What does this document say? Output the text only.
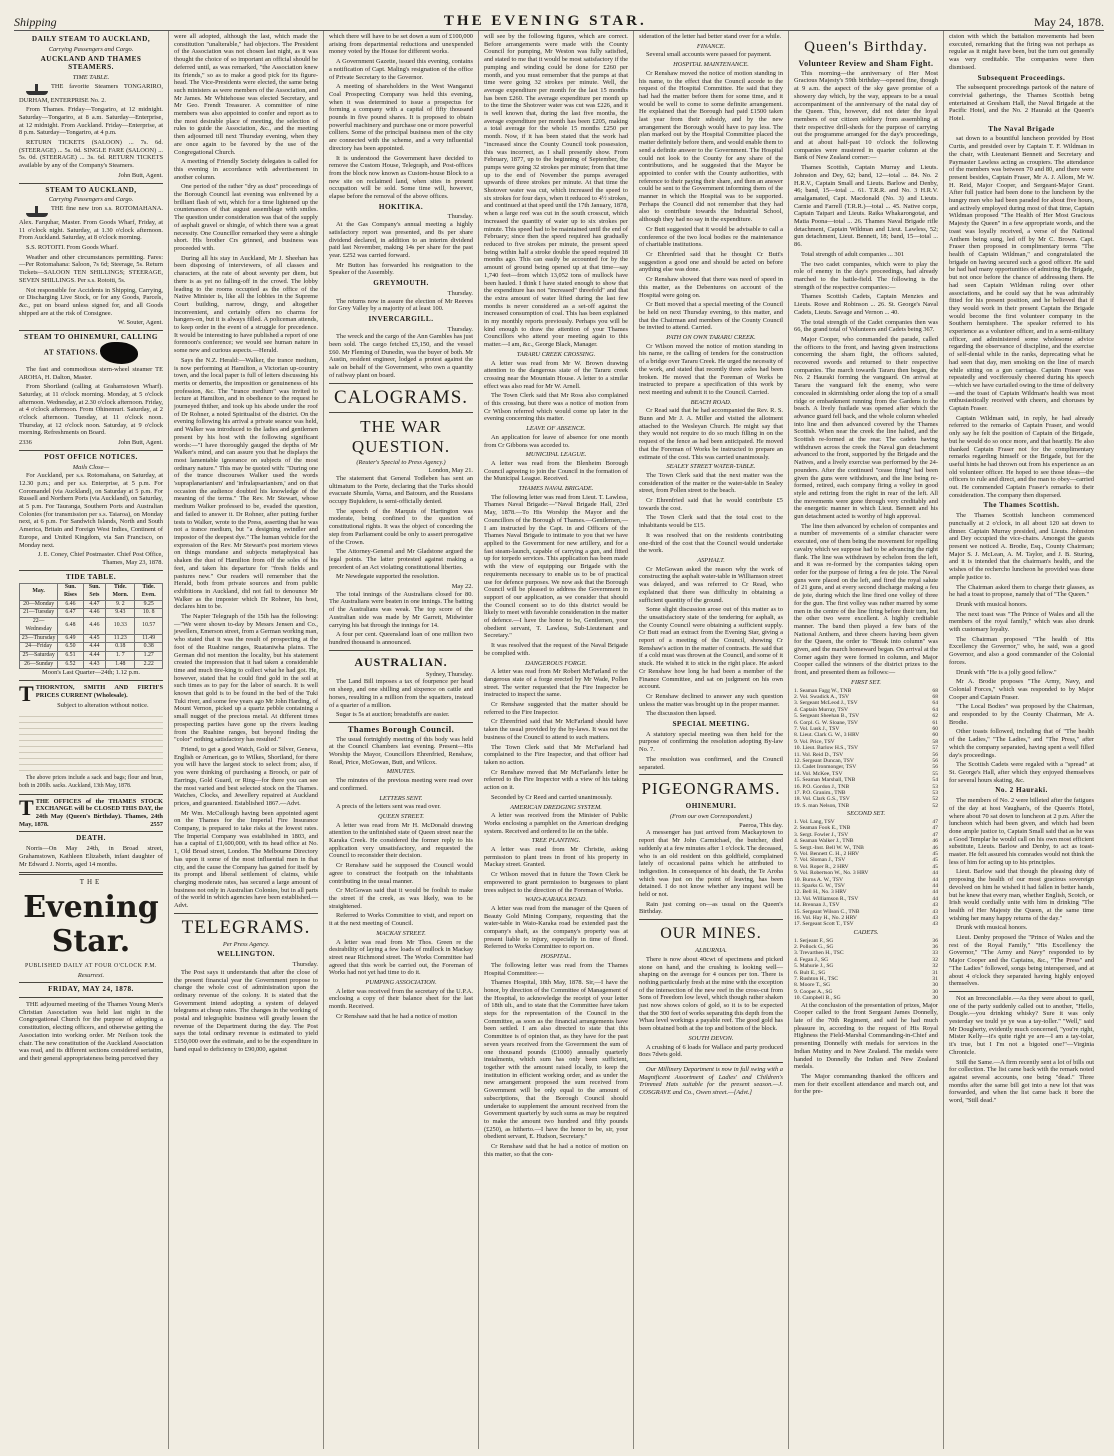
Shipping	THE EVENING STAR.	May 24, 1878.
DAILY STEAM TO AUCKLAND,
Carrying Passengers and Cargo.
AUCKLAND AND THAMES STEAMERS.
TIME TABLE.

THE favorite Steamers TONGARIRO, DURHAM, ENTERPRISE No. 2.

From Thames. Friday—Tongariro, at 12 midnight. Saturday—Tongariro, at 8 a.m. Saturday—Enterprise, at 12 midnight. From Auckland. Friday—Enterprise, at 8 p.m. Saturday—Tongariro, at 4 p.m.

RETURN TICKETS (SALOON) ... 7s. 6d. (STEERAGE) ... 5s. 0d. SINGLE FARE (SALOON) ... 5s. 0d. (STEERAGE) ... 3s. 6d. RETURN TICKETS available by any of the Company's Steamers.

John Butt, Agent.

STEAM TO AUCKLAND,
Carrying Passengers and Cargo.

THE fine new iron s.s. ROTOMAHANA. Alex. Farquhar, Master. From Goods Wharf, Friday, at 11 o'clock night. Saturday, at 1.30 o'clock afternoon. From Auckland. Saturday, at 8 o'clock morning.

S.S. ROTOITI. From Goods Wharf.

Weather and other circumstances permitting. Fares:—Per Rotomahana: Saloon, 7s 6d; Steerage, 5s. Return Tickets—SALOON TEN SHILLINGS; STEERAGE, SEVEN SHILLINGS. Per s.s. Rotoiti, 5s.

Not responsible for Accidents in Shipping, Carrying, or Discharging Live Stock, or for any Goods, Parcels, &c., put on board unless signed for, and all Goods shipped are at the risk of Consignee.

W. Souter, Agent.

STEAM TO OHINEMURI, CALLING AT STATIONS.

The fast and commodious stern-wheel steamer TE AROHA, H. Dalton, Master.

From Shortland (calling at Grahamstown Wharf). Saturday, at 11 o'clock morning. Monday, at 5 o'clock afternoon. Wednesday, at 2.30 o'clock afternoon. Friday, at 4 o'clock afternoon. From Ohinemuri. Saturday, at 2 o'clock afternoon. Tuesday, at 11 o'clock noon. Thursday, at 12 o'clock noon. Saturday, at 9 o'clock morning. Refreshments on Board.

2336	John Butt, Agent.

POST OFFICE NOTICES.
Mails Close—

For Auckland, per s.s. Rotomahana, on Saturday, at 12.30 p.m.; and per s.s. Enterprise, at 5 p.m. For Coromandel (via Auckland), on Saturday at 5 p.m. For Russell and Northern Ports (via Auckland), on Saturday, at 5 p.m. For Tauranga, Southern Ports and Australian Colonies (for transmission per s.s. Taiaroa), on Monday next, at 6 p.m. For Sandwich Islands, North and South America, Britain and Foreign West Indies, Continent of Europe, and United Kingdom, via San Francisco, on Monday next.

J. E. Coney, Chief Postmaster. Chief Post Office, Thames, May 23, 1878.

TIDE TABLE.
May.	Sun. Rises	Sun. Sets	Tide. Morn.	Tide. Even.
20—Monday	6.46	4.47	9. 2	9.25
21—Tuesday	6.47	4.46	9.43	10. 8
22—Wednesday	6.48	4.46	10.33	10.57
23—Thursday	6.49	4.45	11.23	11.49
24—Friday	6.50	4.44	0.18	0.38
25—Saturday	6.51	4.44	1. 7	1.27
26—Sunday	6.52	4.43	1.48	2.22

Moon's Last Quarter—24th; 1.12 p.m.

TTHORNTON, SMITH AND FIRTH'S PRICES CURRENT (Wholesale).

Subject to alteration without notice.

The above prices include a sack and bags; flour and bran, both in 200lb. sacks. Auckland, 13th May, 1878.

TTHE OFFICES of the THAMES STOCK EXCHANGE will be CLOSED THIS DAY, the 24th May (Queen's Birthday). Thames, 24th May, 1878.	2557

DEATH.

Norris—On May 24th, in Broad street, Grahamstown, Kathleen Elizabeth, infant daughter of Mr Edward J. Norris, aged 14 months.

THE
Evening Star.
PUBLISHED DAILY AT FOUR O'CLOCK P.M.
Resurrexi.
FRIDAY, MAY 24, 1878.

THE adjourned meeting of the Thames Young Men's Christian Association was held last night in the Congregational Church for the purpose of adopting a constitution, electing officers, and otherwise getting the Association into working order. Mr Neilson took the chair. The new constitution of the Auckland Association was read, and its different sections considered seriatim, and their general appropriateness being perceived they

were all adopted, although the last, which made the constitution "unalterable," had objectors. The President of the Association was not chosen last night, as it was thought the choice of so important an official should be deferred until, as was remarked, "the Association knew its friends," so as to make a good pick for its figure-head. The Vice-Presidents were elected, the same being such ministers as were members of the Association, and Mr James. Mr Whitehouse was elected Secretary, and Mr Geo. Frendt Treasurer. A committee of nine members was also appointed to confer and report as to the most desirable place of meeting, the selection of rules to guide the Association, &c., and the meeting then adjourned till next Thursday evening, when they are once again to be favored by the use of the Congregational Church.

A meeting of Friendly Society delegates is called for this evening in accordance with advertisement in another column.

One period of the rather "dry as dust" proceedings of the Borough Council last evening was enlivened by a brilliant flash of wit, which for a time lightened up the countenances of that august assemblage with smiles. The question under consideration was that of the supply of asphalt gravel or shingle, of which there was a great necessity. One Councillor remarked they were a shingle short. His brother Crs grinned, and business was proceeded with.

During all his stay in Auckland, Mr J. Sheehan has been disposing of interviewers, of all classes and characters, at the rate of about seventy per diem, but there is as yet no falling-off in the crowd. The lobby leading to the rooms occupied as the office of the Native Minister is, like all the lobbies in the Supreme Court building, narrow, dingy, and altogether inconvenient, and certainly offers no charms for hangers-on, but it is always filled. A policeman attends, to keep order in the event of a struggle for precedence. It would be interesting to have published a report of one forenoon's conference; we would see human nature in some new and curious aspects.—Herald.

Says the N.Z. Herald:—Walker, the trance medium, is now performing at Hamilton, a Victorian up-country town, and the local paper is full of letters discussing his merits or demerits, the imposition or genuineness of his profession, &c. The "trance medium" was invited to lecture at Hamilton, and in obedience to the request he journeyed thither, and took up his abode under the roof of Dr Rohner, a noted Spiritualist of the district. On the evening following his arrival a private seance was held, and Walker was introduced to the ladies and gentlemen present by his host with the following significant words:—"I have thoroughly gauged the depths of Mr Walker's mind, and can assure you that he displays the most lamentable ignorance on subjects of the most ordinary nature." This may be quoted with: "During one of the trance discourses Walker used the words 'supraplanarianism' and 'infralapsarianism,' and on that occasion the audience doubted his knowledge of the meaning of the terms." The Rev. Mr Stewart, whose medium Walker professed to be, evaded the question, and failed to answer it. Dr Rohner, after putting further tests to Walker, wrote to the Press, asserting that he was not a trance medium, but "a designing swindler and impostor of the deepest dye." The human vehicle for the expression of the Rev. Mr Stewart's post mortem views on things mundane and subjects metaphysical has shaken the dust of Hamilton from off the soles of his feet, and taken his departure for "fresh fields and pastures new." Our readers will remember that the Herald, both from private sources and from public exhibitions in Auckland, did not fail to denounce Mr Walker as the imposter which Dr Rohner, his host, declares him to be.

The Napier Telegraph of the 15th has the following:—"We were shown to-day by Messrs Jensen and Co., jewellers, Emerson street, from a German working man, who stated that it was the result of prospecting at the foot of the Ruahine ranges, Ruataniwha plains. The German did not mention the locality, but his statement created the impression that it had taken a considerable time and much tire-king to collect what he had got. He, however, stated that he could find gold in the soil at such times as to pay for the labor of search. It is well known that gold is to be found in the bed of the Tuki Tuki river, and some few years ago Mr John Harding, of Mount Vernon, picked up a quartz pebble containing a small nugget of the precious metal. At different times prospecting parties have gone up the rivers leading from the Ruahine ranges, but beyond finding the "color" nothing satisfactory has resulted."

Friend, to get a good Watch, Gold or Silver, Geneva, English or American, go to Wilkes, Shortland, for there you will have the largest stock to select from; also, if you were thinking of purchasing a Brooch, or pair of Earrings, Gold Guard, or Ring—for there you can see the most varied and best selected stock on the Thames. Watches, Clocks, and Jewellery repaired at Auckland prices, and guaranteed. Established 1867.—Advt.

Mr Wm. McCullough having been appointed agent on the Thames for the Imperial Fire Insurance Company, is prepared to take risks at the lowest rates. The Imperial Company was established in 1803, and has a capital of £1,600,000, with its head office at No. 1, Old Broad street, London. The Melbourne Directory has upon it some of the most influential men in that city, and the cause the Company has gained for itself by its prompt and liberal settlement of claims, while charging moderate rates, has secured a large amount of business not only in Australian Colonies, but in all parts of the world in which agencies have been established.—Advt.

TELEGRAMS.
Per Press Agency.
WELLINGTON.
Thursday.

The Post says it understands that after the close of the present financial year the Government propose to change the whole cost of administration upon the ordinary revenue of the colony. It is stated that the Government intend adopting a system of delayed telegrams at cheap rates. The changes in the working of postal and telegraphic business will greatly lessen the revenue of the Department during the day. The Post says the total ordinary revenue is estimated to yield £150,000 over the estimate, and to be the expenditure in hand equal to deficiency to £90,000, against

which there will have to be set down a sum of £100,000 arising from departmental reductions and unexpended money voted by the House for different works.

A Government Gazette, issued this evening, contains a notification of Capt. Maling's resignation of the office of Private Secretary to the Governor.

A meeting of shareholders in the West Wanganui Coal Prospecting Company was held this evening, when it was determined to issue a prospectus for forming a company with a capital of fifty thousand pounds in five pound shares. It is proposed to obtain powerful machinery and purchase one or more powerful colliers. Some of the principal business men of the city are connected with the scheme, and a very influential directory has been appointed.

It is understood the Government have decided to remove the Custom House, Telegraph, and Post-offices from the block now known as Custom-house Block to a new site on reclaimed land, when sites in present occupation will be sold. Some time will, however, elapse before the removal of the above offices.

HOKITIKA.
Thursday.

At the Gas Company's annual meeting a highly satisfactory report was presented, and 8s per share dividend declared, in addition to an interim dividend paid last November, making 14s per share for the past year. £252 was carried forward.

Mr Button has forwarded his resignation to the Speaker of the Assembly.

GREYMOUTH.
Thursday.

The returns now in assure the election of Mr Reeves for Grey Valley by a majority of at least 100.

INVERCARGILL.
Thursday.

The wreck and the cargo of the Ann Gambles has just been sold. The cargo fetched £5,150, and the vessel £60. Mr Fleming of Dunedin, was the buyer of both. Mr Austin, resident engineer, lodged a protest against the sale on behalf of the Government, who own a quantity of railway plant on board.

CALOGRAMS.
THE WAR QUESTION.
(Reuter's Special to Press Agency.)
London, May 21.

The statement that General Todleben has sent an ultimatum to the Porte, declaring that the Turks should evacuate Shumla, Varna, and Batoum, and the Russians occupy Bujukdere, is semi-officially denied.

The speech of the Marquis of Hartington was moderate, being confined to the question of constitutional rights. It was the object of conceding the step from Parliament could be only to assert prerogative of the Crown.

The Attorney-General and Mr Gladstone argued the legal points. The latter protested against making a precedent of an Act violating constitutional liberties.

Mr Newdegate supported the resolution.

May 22.

The total innings of the Australians closed for 80. The Australians were beaten in one innings. The batting of the Australians was weak. The top score of the Australian side was made by Mr Garrett, Midwinter carrying his bat through the innings for 14.

A four per cent. Queensland loan of one million two hundred thousand is announced.

AUSTRALIAN.
Sydney, Thursday.

The Land Bill imposes a tax of fourpence per head on sheep, and one shilling and sixpence on cattle and horses, resulting in a million from the squatters, instead of a quarter of a million.

Sugar is 5s at auction; breadstuffs are easier.

Thames Borough Council.

The usual fortnightly meeting of this body was held at the Council Chambers last evening. Present—His Worship the Mayor, Councillors Ehrenfried, Renshaw, Read, Price, McGowan, Butt, and Wilcox.

MINUTES.

The minutes of the previous meeting were read over and confirmed.

LETTERS SENT.

A precis of the letters sent was read over.

QUEEN STREET.

A letter was read from Mr H. McDonald drawing attention to the unfinished state of Queen street near the Karaka Creek. He considered the former reply to his application very unsatisfactory, and requested the Council to reconsider their decision.

Cr Renshaw said he supposed the Council would agree to construct the footpath on the inhabitants contributing in the usual manner.

Cr McGowan said that it would be foolish to make the street if the creek, as was likely, was to be straightened.

Referred to Works Committee to visit, and report on it at the next meeting of Council.

MACKAY STREET.

A letter was read from Mr Thos. Green re the desirability of laying a few loads of mullock in Mackay street near Richmond street. The Works Committee had agreed that this work be carried out, the Foreman of Works had not yet had time to do it.

PUMPING ASSOCIATION.

A letter was received from the secretary of the U.P.A. enclosing a copy of their balance sheet for the last month. Received.

Cr Renshaw said that he had a notice of motion

will see by the following figures, which are correct. Before arrangements were made with the County Council for pumping, Mr Weston was fully satisfied, and stated to me that it would be most satisfactory if the pumping and winding could be done for £260 per month, and you must remember that the pumps at that time were going 32 strokes per minute. Well, the average expenditure per month for the last 15 months has been £260. The average expenditure per month up to the time the Shotover water was cut was £226, and it is well known that, during the last five months, the average expenditure per month has been £205, making a total average for the whole 15 months £250 per month. Now, if it has been stated that the work had "increased since the County Council took possession, this was incorrect, as I shall presently show. From February, 1877, up to the beginning of September, the pumps were going 32 strokes per minute; from that time up to the end of November the pumps averaged upwards of three strokes per minute. At that time the Shotover water was cut, which increased the speed to six strokes for four days, when it reduced to 4½ strokes, and continued at that speed until the 17th January, 1878, when a large reef was cut in the south crosscut, which increased the quantity of water up to six strokes per minute. This speed had to be maintained until the end of February; since then the speed required has gradually reduced to five strokes per minute, the present speed being within half a stroke double the speed required 18 months ago. This can easily be accounted for by the amount of ground being opened up at that time—say 1,740 feet—from which 13,052 tons of mullock have been hauled. I think I have stated enough to show that the expenditure has not "increased" threefold" and that the extra amount of water lifted during the last few months is never considered as a set-off against the increased consumption of coal. This has been explained in my monthly reports previously. Perhaps you will be kind enough to draw the attention of your Thames Councillors who attend your meeting again to this matter.—I am, &c., George Black, Manager.

TARARU CREEK CROSSING.

A letter was read from Mr W. Brown drawing attention to the dangerous state of the Tararu creek crossing near the Mountain House. A letter to a similar effect was also read for Mr W. Arnell.

The Town Clerk said that Mr Ross also complained of this crossing, but there was a notice of motion from Cr Wilson referred which would come up later in the evening concerning this matter.

LEAVE OF ABSENCE.

An application for leave of absence for one month from Cr Gibbons was acceded to.

MUNICIPAL LEAGUE.

A letter was read from the Blenheim Borough Council agreeing to join the Council in the formation of the Municipal League. Received.

THAMES NAVAL BRIGADE.

The following letter was read from Lieut. T. Lawless, Thames Naval Brigade:—"Naval Brigade Hall, 23rd May, 1878.—To His Worship the Mayor and the Councillors of the Borough of Thames.—Gentlemen,—I am instructed by the Capt. in and Officers of the Thames Naval Brigade to intimate to you that we have applied to the Government for new artillery, and for a fast steam-launch, capable of carrying a gun, and fitted up for torpedo services. This application has been made with the view of equipping our Brigade with the requirements necessary to enable us to be of practical use for defence purposes. We now ask that the Borough Council will be pleased to address the Government in support of our application, as we consider that should the Council consent so to do this district would be likely to meet with favorable consideration in the matter of defence.—I have the honor to be, Gentlemen, your obedient servant, T. Lawless, Sub-Lieutenant and Secretary."

It was resolved that the request of the Naval Brigade be complied with.

DANGEROUS FORGE.

A letter was read from Mr Robert McFarland re the dangerous state of a forge erected by Mr Wade, Pollen street. The writer requested that the Fire Inspector be instructed to inspect the same.

Cr Renshaw suggested that the matter should be referred to the Fire Inspector.

Cr Ehrenfried said that Mr McFarland should have taken the usual provided by the by-laws. It was not the business of the Council to attend to such matters.

The Town Clerk said that Mr McFarland had complained to the Fire Inspector, and that officer had taken no action.

Cr Renshaw moved that Mr McFarland's letter be referred to the Fire Inspector with a view of his taking action on it.

Seconded by Cr Reed and carried unanimously.

AMERICAN DREDGING SYSTEM.

A letter was received from the Minister of Public Works enclosing a pamphlet on the American dredging system. Received and ordered to lie on the table.

TREE PLANTING.

A letter was read from Mr Christie, asking permission to plant trees in front of his property in Mackay street. Granted.

Cr Wilson moved that in future the Town Clerk be empowered to grant permission to burgesses to plant trees subject to the direction of the Foreman of Works.

WAIO-KARAKA ROAD.

A letter was read from the manager of the Queen of Beauty Gold Mining Company, requesting that the water-table in Waio-Karaka road be extended past the company's shaft, as the company's property was at present liable to injury, especially in time of flood. Referred to Works Committee to report on.

HOSPITAL.

The following letter was read from the Thames Hospital Committee:—

Thames Hospital, 18th May, 1878. Sir,—I have the honor, by direction of the Committee of Management of the Hospital, to acknowledge the receipt of your letter of 18th ult., and to state that the Committee have taken steps for the representation of the Council in the Committee, as soon as the financial arrangements have been settled. I am also directed to state that this Committee is of opinion that, as they have for the past seven years received from the Government the sum of one thousand pounds (£1000) annually quarterly instalments, which sum has only been sufficient, together with the amount raised locally, to keep the institution in efficient working order, and as under the new arrangement proposed the sum received from Government will be only equal to the amount of subscriptions, that the Borough Council should undertake to supplement the amount received from the Government quarterly by such sums as may be required to make the amount two hundred and fifty pounds (£250), as hitherto.—I have the honor to be, sir, your obedient servant, E. Hudson, Secretary."

Cr Renshaw said that he had a notice of motion on this matter, so that the con-

sideration of the letter had better stand over for a while.

FINANCE.

Several small accounts were passed for payment.

HOSPITAL MAINTENANCE.

Cr Renshaw moved the notice of motion standing in his name, to the effect that the Council accede to the request of the Hospital Committee. He said that they had had the matter before them for some time, and it would be well to come to some definite arrangement. He explained that the Borough had paid £1500 taken last year from their subsidy, and by the new arrangement the Borough would have to pay less. The plan marked out by the Hospital Committee placed the matter definitely before them, and would enable them to send a definite answer to the Government. The Hospital could not look to the County for any share of the contributions, and he suggested that the Mayor be appointed to confer with the County authorities, with reference to their paying their share, and then an answer could be sent to the Government informing them of the manner in which the Hospital was to be supported. Perhaps the Council did not remember that they had also to contribute towards the Industrial School, although they had no say in the expenditure.

Cr Butt suggested that it would be advisable to call a conference of the two local bodies re the maintenance of charitable institutions.

Cr Ehrenfried said that he thought Cr Butt's suggestion a good one and should be acted on before anything else was done.

Cr Renshaw showed that there was need of speed in this matter, as the Debentures on account of the Hospital were going on.

Cr Butt moved that a special meeting of the Council be held on next Thursday evening, to this matter, and that the Chairman and members of the County Council be invited to attend. Carried.

PATH ON OWN TARARU CREEK.

Cr Wilson moved the notice of motion standing in his name, re the calling of tenders for the construction of a bridge over Tararu Creek. He urged the necessity of the work, and stated that recently three axles had been broken. He moved that the Foreman of Works be instructed to prepare a specification of this work by next meeting and submit it to the Council. Carried.

BEACH ROAD.

Cr Read said that he had accompanied the Rev. R. S. Bunn and Mr J. A. Miller and visited the allotment attached to the Wesleyan Church. He might say that they would not require to do so much filling in on the request of the fence as had been anticipated. He moved that the Foreman of Works be instructed to prepare an estimate of the cost. This was carried unanimously.

SEALEY STREET WATER-TABLE.

The Town Clerk said that the next matter was the consideration of the matter re the water-table in Sealey street, from Pollen street to the beach.

Cr Ehrenfried said that he would contribute £5 towards the cost.

The Town Clerk said that the total cost to the inhabitants would be £15.

It was resolved that on the residents contributing one-third of the cost that the Council would undertake the work.

ASPHALT.

Cr McGowan asked the reason why the work of constructing the asphalt water-table in Williamson street was delayed, and was referred to Cr Read, who explained that there was difficulty in obtaining a sufficient quantity of the ground.

Some slight discussion arose out of this matter as to the unsatisfactory state of the tendering for asphalt, as the County Council were obtaining a sufficient supply. Cr Butt read an extract from the Evening Star, giving a report of a meeting of the Council, showing Cr Renshaw's action in the matter of contracts. He said that if a cold must was thrown at the Council, and some of it stuck. He wished it to stick in the right place. He asked Cr Renshaw how long he had been a member of the Finance Committee, and sat on judgment on his own account.

Cr Renshaw declined to answer any such question unless the matter was brought up in the proper manner.

The discussion then lapsed.

SPECIAL MEETING.

A statutory special meeting was then held for the purpose of confirming the resolution adopting By-law No. 7.

The resolution was confirmed, and the Council separated.

PIGEONGRAMS.
OHINEMURI.
(From our own Correspondent.)
Paeroa, This day.

A messenger has just arrived from Mackaytown to report that Mr John Carmichael, the butcher, died suddenly at a few minutes after 1 o'clock. The deceased, who is an old resident on this goldfield, complained lately of occasional pains which he attributed to indigestion. In consequence of his death, the Te Aroha which was just on the point of leaving, has been detained. I do not know whether any inquest will be held or not.

Rain just coming on—as usual on the Queen's Birthday.

OUR MINES.
ALBURNIA.

There is now about 40cwt of specimens and picked stone on hand, and the crushing is looking well—shaping on the average for 4 ounces per ton. There is nothing particularly fresh at the mine with the exception of the intersection of the new reef in the cross-cut from Sons of Freedom low level, which though rather shaken just now shows colors of gold, so it is to be expected that the 300 feet of works separating this depth from the Whau level workings a payable reef. The good gold has been obtained both at the top and bottom of the block.

SOUTH DEVON.

A crushing of 6 loads for Wallace and party produced 8ozs 7dwts gold.

Our Millinery Department is now in full swing with a Magnificent Assortment of Ladies' and Children's Trimmed Hats suitable for the present season.—J. COSGRAVE and Co., Owen street.—[Advt.]

Queen's Birthday.
Volunteer Review and Sham Fight.

This morning—the anniversary of Her Most Gracious Majesty's 59th birthday—opened fine, though at 9 a.m. the aspect of the sky gave promise of a showery day which, by the way, appears to be a usual accompaniment of the anniversary of the natal day of the Queen. This, however, did not deter the loyal members of our citizen soldiery from assembling at their respective drill-sheds for the purpose of carrying out the programme arranged for the day's proceedings, and at about half-past 10 o'clock the following companies were mustered in quarter column at the Bank of New Zealand corner:—

Thames Scottish, Captain Murray and Lieuts. Johnston and Dey, 62; band, 12—total ... 84. No. 2 H.R.V., Captain Small and Lieuts. Barlow and Denby, 46; band, 15—total ... 61. T.R.R. and No. 3 H.R.V. amalgamated, Capt. Macdonald (No. 3) and Lieuts. Carnie and Farrell (T.R.R.)—total ... 45. Native corps, Captain Taipari and Lieuts. Raika Whakarongotai, and Matia Poona—total ... 26. Thames Naval Brigade rifle detachment, Captain Wildman and Lieut. Lawless, 52; gun detachment, Lieut. Bennett, 18; band, 15—total ... 86.

Total strength of adult companies ... 301

The two cadet companies, which were to play the role of enemy in the day's proceedings, had already marched to the battle-field. The following is the strength of the respective companies:—

Thames Scottish Cadets, Captain Menzies and Lieuts. Rowe and Robinson ... 26. St. George's Naval Cadets, Lieuts. Savage and Vernon ... 40.

The total strength of the Cadet companies then was 66, the grand total of Volunteers and Cadets being 367.

Major Cooper, who commanded the parade, called the officers to the front, and having given instructions concerning the sham fight, the officers saluted, recovered swords and returned to their respective companies. The march towards Tararu then began, the No. 2 Hauraki forming the vanguard. On arrival at Tararu the vanguard felt the enemy, who were concealed in skirmishing order along the top of a small ridge or embankment running from the Gardens to the beach. A lively fusilade was opened after which the advance guard fell back, and the whole column wheeled into line and then advanced covered by the Thames Scottish. When near the creek the line halted, and the Scottish re-formed at the rear. The cadets having withdrawn across the creek the Naval gun detachment advanced to the front, supported by the Brigade and the Natives, and a lively exercise was performed by the 24-pounders. After the continued "cease firing" had been given the guns were withdrawn, and the line being re-formed, retired, each company firing a volley in good style and retiring from the right in rear of the left. All the movements were gone through very creditably and the energetic manner in which Lieut. Bennett and his gun detachment acted is worthy of high approval.

The line then advanced by echelon of companies and a number of movements of a similar character were executed, one of them being the movement for repelling cavalry which we suppose had to be advancing the right flank. The line was withdrawn by echelon from the left, and it was re-formed by the companies taking open order for the purpose of firing a feu de joie. The Naval guns were placed on the left, and fired the royal salute of 21 guns, and at every second discharge making a feu de joie, during which the line fired one volley of three for the gun. The first volley was rather marred by some men in the centre of the line firing before their turn, but the other two were excellent. A highly creditable manner. The band then played a few bars of the National Anthem, and three cheers having been given for the Queen, the order to "Break into column" was given, and the march homeward began. On arrival at the Corner again they were formed in column, and Major Cooper called the winners of the district prizes to the front, and presented them as follows:—

FIRST SET.
1. Seaman Fagg W., TNB	68
2. Vol. Swadick A., TSV	68
3. Sergeant McLeod J., TSV	64
4. Captain Murray, TSV	64
5. Sergeant Sheehan B., TSV	62
6. Corpl. G. W. Sloane, TSV	61
7. Vol. Lusk J., TSV	60
8. Lieut. Clark G. W., 3 HRV	60
9. Vol. Price, TSV	58
10. Lieut. Barlow H.S., TSV	57
11. Vol. Reid D., TSV	56
12. Sergeant Duncan, TSV	56
13. Cadet Ironmonger, TSV	56
14. Vol. McKee, TSV	55
15. Seaman Marshall, TNB	54
16. P.O. Gordon J., TNB	53
17. P.O. Granim., TNB	53
18. Vol. Clark G.S., TSV	52
19. S. man Nelson, TNB	52
SECOND SET.
1. Vol. Lang, TSV	47
2. Seaman Fook E., TNB	47
3. Sergt. Fowler J., TSV	47
4. Seaman Walker J., TNB	46
5. Sergt.-Inst. Bell W. W., TNB	46
6. Vol. Bennett C. H., 2 HRV	45
7. Vol. Sloman J., TSV	45
8. Vol. Roper R., 2 HRV	45
9. Vol. Robertson W., No. 3 HRV	44
10. Burns A. W., TSV	44
11. Sparks G. W., TSV	44
12. Bell H., No. 3 HRV	44
13. Vol. Williamson R., TSV	44
14. Brennan J., TSV	43
15. Sergeant Wilson C., TNB	43
16. Vol. Hay H., No. 2 HRV	43
17. Sergeant Scott T., TSV	43
CADETS.
1. Serjeant F., SG	36
2. Pollock G., SG	36
3. Trevarthen H., TSC	33
4. Fegan J., SG	32
5. Mahurie J., SG	32
6. Bult E., SG	31
7. Rushton H., TSC	31
8. Moore T., SG	30
9. Cooper A., SG	30
10. Campbell B., SG	30

At the conclusion of the presentation of prizes, Major Cooper called to the front Sergeant James Donnelly, late of the 70th Regiment, and said he had much pleasure in, according to the request of His Royal Highness the Field-Marshal Commanding-in-Chief and presenting Donnelly with medals for services in the Indian Mutiny and in New Zealand. The medals were handed to Donnelly the Indian and New Zealand medals.

The Major commanding thanked the officers and men for their excellent attendance and march out, and for the pre-

cision with which the battalion movements had been executed, remarking that the firing was not perhaps as regular as it might have been, but the turn out generally was very creditable. The companies were then dismissed.

Subsequent Proceedings.

The subsequent proceedings partook of the nature of convivial gatherings, the Thames Scottish being entertained at Gresham Hall, the Naval Brigade at the Pacific Hotel, and the No. 2 Hauraki at the Queen's Hotel.

The Naval Brigade

sat down to a bountiful luncheon provided by Host Curtis, and presided over by Captain T. F. Wildman in the chair, with Lieutenant Bennett and Secretary and Paymaster Lawless acting as croupiers. The attendance of the members was between 70 and 80, and there were present besides, Captain Fraser, Mr A. J. Allom, Mr W. H. Reid, Major Cooper, and Sergeant-Major Grant. After full justice had been done to the luncheon by the hungry men who had been paraded for about five hours, and actively employed during most of that time, Captain Wildman proposed "The Health of Her Most Gracious Majesty the Queen" in a few appropriate words, and the toast was loyally received, a verse of the National Anthem being sung, led off by Mr C. Brown. Capt. Fraser then proposed in complimentary terms "The health of Captain Wildman," and congratulated the brigade on having secured such a good officer. He said he had had many opportunities of admiring the Brigade, but not once before the chance of addressing them. He had seen Captain Wildman ruling over other associations, and he could say that he was admirably fitted for his present position, and he believed that if they would work in their present Captain the Brigade would become the first volunteer company in the Southern hemisphere. The speaker referred to his experience as a volunteer officer, and in a semi-military officer, and administered some wholesome advice regarding the observance of discipline, and the exercise of self-denial while in the ranks, deprecating what he had seen that day, men smoking on the line of march while sitting on a gun carriage. Captain Fraser was repeatedly and vociferously cheered during his speech—which we have curtailed owing to the time of delivery—and the toast of Captain Wildman's health was most enthusiastically received with cheers, and choruses by Captain Fraser.

Captain Wildman said, in reply, he had already referred to the remarks of Captain Fraser, and would only say he felt the position of Captain of the Brigade, but he would do so once more, and that heartily. He also thanked Captain Fraser not for the complimentary remarks regarding himself or the Brigade, but for the useful hints he had thrown out from his experience as an old volunteer officer. He hoped to see those ideas—the officers to rule and direct, and the man to obey—carried out. He commended Captain Fraser's remarks to their consideration. The company then dispersed.

The Thames Scottish.

The Thames Scottish luncheon commenced punctually at 2 o'clock, in all about 120 sat down to dinner. Captain Murray presided, and Lieuts. Johnston and Dey occupied the vice-chairs. Amongst the guests present we noticed A. Brodie, Esq., County Chairman; Major S. J. McLean, A. M. Taylor, and J. B. Sturing, and it is intended that the chairman's health, and the wishes of the rechercho luncheon he provided was done ample justice to.

The Chairman asked them to charge their glasses, as he had a toast to propose, namely that of "The Queen."

Drunk with musical honors.

The next toast was "The Prince of Wales and all the members of the royal family," which was also drunk with customary loyalty.

The Chairman proposed "The health of His Excellency the Governor," who, he said, was a good Governor, and also a good commander of the Colonial forces.

Drunk with "He is a jolly good fellow."

Mr A. Brodie proposes "The Army, Navy, and Colonial Forces," which was responded to by Major Cooper and Captain Fraser.

"The Local Bodies" was proposed by the Chairman, and responded to by the County Chairman, Mr A. Brodie.

Other toasts followed, including that of "The health of the Ladies," "The Ladies," and "The Press," after which the company separated, having spent a well filled day's proceedings.

The Scottish Cadets were regaled with a "spread" at St. George's Hall, after which they enjoyed themselves for several hours skating, &c.

No. 2 Hauraki.

The members of No. 2 were billeted after the fatigues of the day at host Vaughan's, of the Queen's Hotel, where about 70 sat down to luncheon at 2 p.m. After the luncheon which had been given, and which had been done ample justice to, Captain Small said that as he was a Good Templar he would call on his own most efficient substitute, Lieuts. Barlow and Denby, to act as toast-master. He felt assured his comrades would not think the less of him for acting up to his principles.

Lieut. Barlow said that though the pleasing duty of proposing the health of our most gracious sovereign devolved on him he wished it had fallen in better hands, but he knew that every man, whether English, Scotch, or Irish would cordially unite with him in drinking "The health of Her Majesty the Queen, at the same time wishing her many happy returns of the day."

Drunk with musical honors.

Lieut. Denby proposed the "Prince of Wales and the rest of the Royal Family," "His Excellency the Governor," "The Army and Navy" responded to by Major Cooper and the Captains, &c., "The Press" and "The Ladies" followed, songs being interspersed, and at about 4 o'clock they separated having highly enjoyed themselves.

Not an Irreconcilable.—As they were about to quell, one of the party suddenly called out to another, "Hello, Dougle.—you drinking whisky? Sure it was only yesterday we tould ye ye was a tay-toller." "Well," said Mr Dougherty, evidently much concerned, "you're right, Mister Kelly—it's quite right ye are—I am a tay-tolar, it's true, but I I'm not a bigoted one!"—Virginia Chronicle.

Still the Same.—A firm recently sent a lot of bills out for collection. The list came back with the remark noted against several accounts, one being "dead." Three months after the same bill got into a new lot that was forwarded, and when the list came back it bore the word, "Still dead."
